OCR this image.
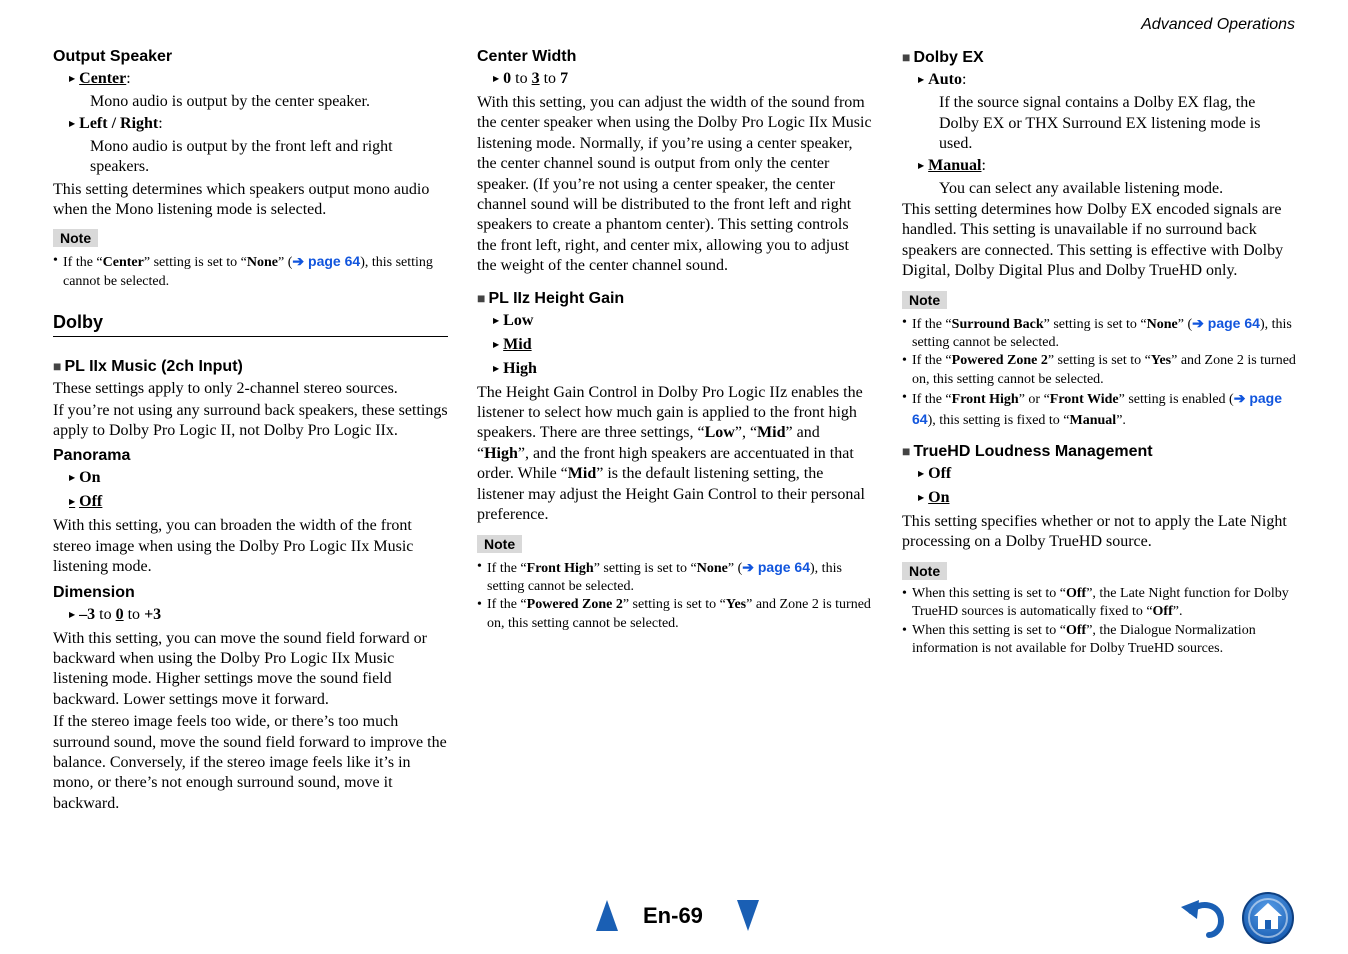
Advanced Operations
Output Speaker
▶ Center:
Mono audio is output by the center speaker.
▶ Left / Right:
Mono audio is output by the front left and right speakers.

This setting determines which speakers output mono audio when the Mono listening mode is selected.

Note
• If the “Center” setting is set to “None” (➔ page 64), this setting cannot be selected.
Dolby
■ PL IIx Music (2ch Input)

These settings apply to only 2-channel stereo sources.

If you’re not using any surround back speakers, these settings apply to Dolby Pro Logic II, not Dolby Pro Logic IIx.

Panorama
▶ On
▶ Off

With this setting, you can broaden the width of the front stereo image when using the Dolby Pro Logic IIx Music listening mode.

Dimension
▶ –3 to 0 to +3

With this setting, you can move the sound field forward or backward when using the Dolby Pro Logic IIx Music listening mode. Higher settings move the sound field backward. Lower settings move it forward.

If the stereo image feels too wide, or there’s too much surround sound, move the sound field forward to improve the balance. Conversely, if the stereo image feels like it’s in mono, or there’s not enough surround sound, move it backward.

Center Width
▶ 0 to 3 to 7

With this setting, you can adjust the width of the sound from the center speaker when using the Dolby Pro Logic IIx Music listening mode. Normally, if you’re using a center speaker, the center channel sound is output from only the center speaker. (If you’re not using a center speaker, the center channel sound will be distributed to the front left and right speakers to create a phantom center). This setting controls the front left, right, and center mix, allowing you to adjust the weight of the center channel sound.

■ PL IIz Height Gain
▶ Low
▶ Mid
▶ High

The Height Gain Control in Dolby Pro Logic IIz enables the listener to select how much gain is applied to the front high speakers. There are three settings, “Low”, “Mid” and “High”, and the front high speakers are accentuated in that order. While “Mid” is the default listening setting, the listener may adjust the Height Gain Control to their personal preference.

Note
• If the “Front High” setting is set to “None” (➔ page 64), this setting cannot be selected.
• If the “Powered Zone 2” setting is set to “Yes” and Zone 2 is turned on, this setting cannot be selected.
■ Dolby EX
▶ Auto:
If the source signal contains a Dolby EX flag, the Dolby EX or THX Surround EX listening mode is used.
▶ Manual:
You can select any available listening mode.

This setting determines how Dolby EX encoded signals are handled. This setting is unavailable if no surround back speakers are connected. This setting is effective with Dolby Digital, Dolby Digital Plus and Dolby TrueHD only.

Note
• If the “Surround Back” setting is set to “None” (➔ page 64), this setting cannot be selected.
• If the “Powered Zone 2” setting is set to “Yes” and Zone 2 is turned on, this setting cannot be selected.
• If the “Front High” or “Front Wide” setting is enabled (➔ page 64), this setting is fixed to “Manual”.
■ TrueHD Loudness Management
▶ Off
▶ On

This setting specifies whether or not to apply the Late Night processing on a Dolby TrueHD source.

Note
• When this setting is set to “Off”, the Late Night function for Dolby TrueHD sources is automatically fixed to “Off”.
• When this setting is set to “Off”, the Dialogue Normalization information is not available for Dolby TrueHD sources.
En-69
